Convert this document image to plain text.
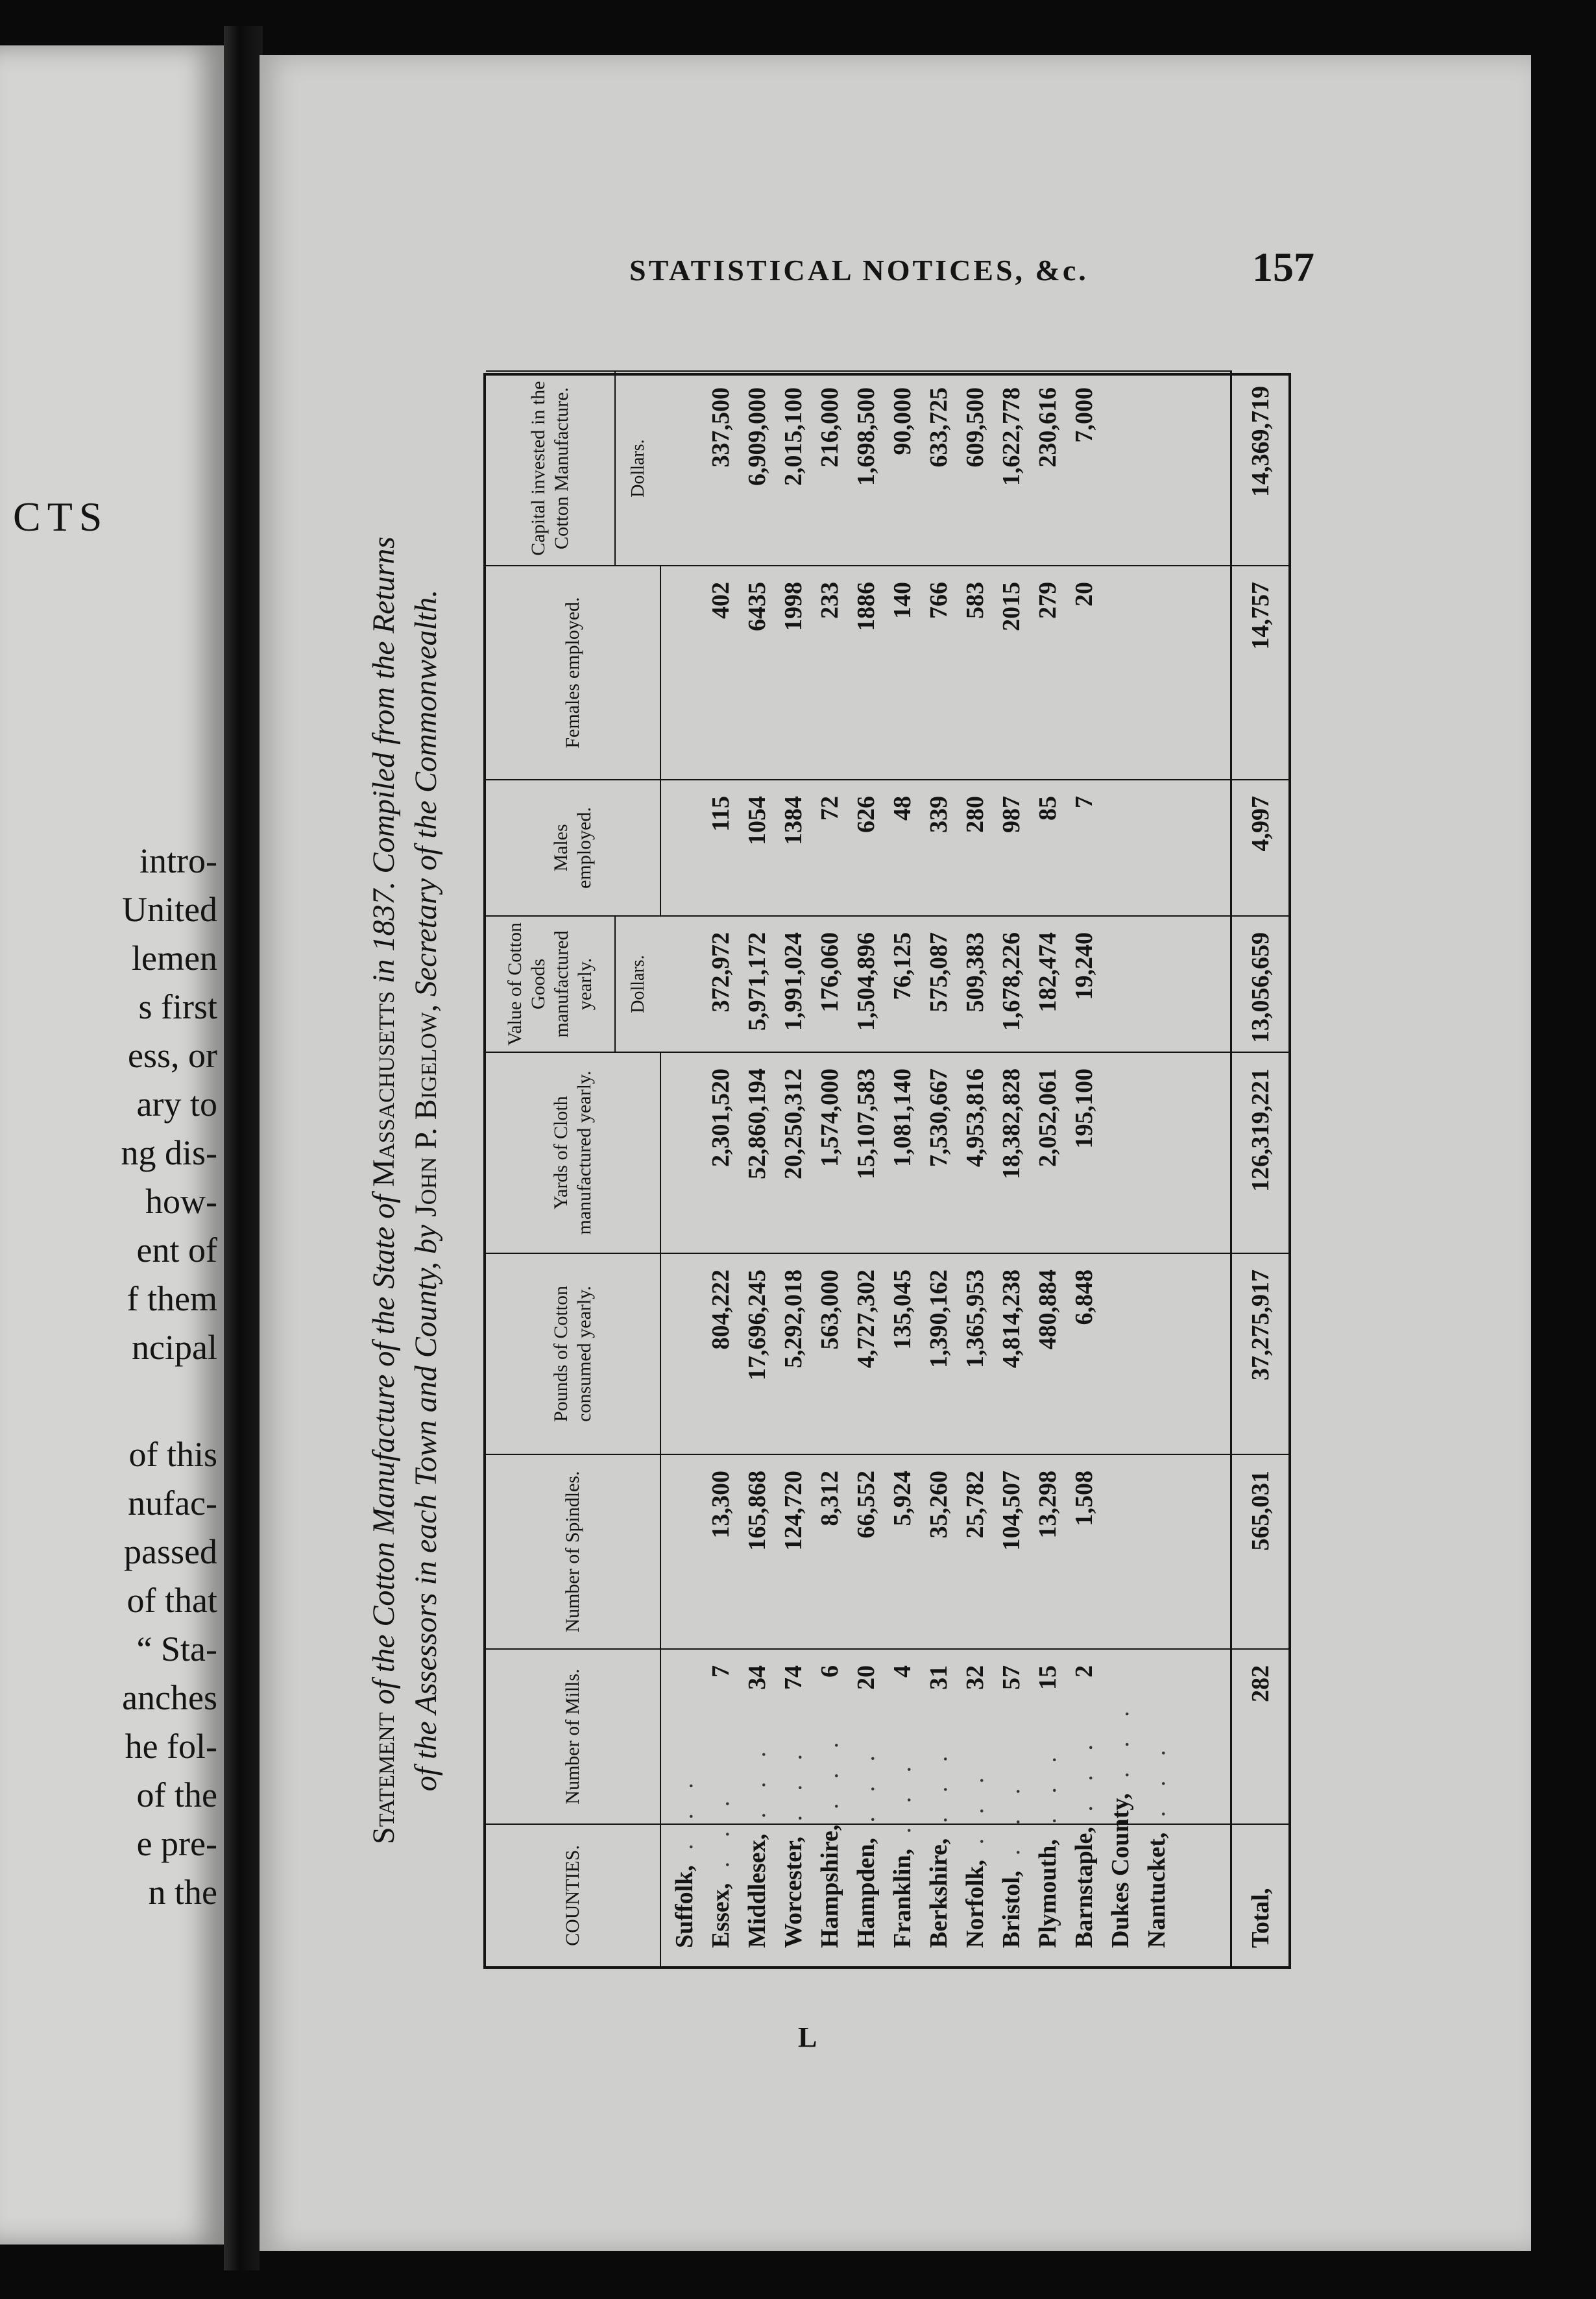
CTS
intro-
United
lemen
s first
ess, or
ary to
ng dis-
how-
ent of
f them
ncipal
of this
nufac-
passed
of that
“ Sta-
anches
he fol-
of the
e pre-
n the
STATISTICAL NOTICES, &c.	157
L
Statement of the Cotton Manufacture of the State of Massachusetts in 1837. Compiled from the Returns
of the Assessors in each Town and County, by John P. Bigelow, Secretary of the Commonwealth.
COUNTIES.
Number of Mills.
Number of Spindles.
Pounds of Cotton consumed yearly.
Yards of Cloth manufactured yearly.
Value of Cotton Goods manufactured yearly.
Males employed.
Females employed.
Capital invested in the Cotton Manufacture.
Dollars.
Dollars.
Suffolk, . . .
Essex, . . . Middlesex, . . .
Worcester, . . .
Hampshire, . . .
Hampden, . . .
Franklin, . . .
Berkshire, . . .
Norfolk, . . .
Bristol, . . .
Plymouth, . . .
Barnstaple, . . .
Dukes County, . . .
Nantucket, . . .
7 34 74 6 20 4 31 32 57 15 2
13,300 165,868 124,720 8,312 66,552 5,924 35,260 25,782 104,507 13,298 1,508
804,222 17,696,245 5,292,018 563,000 4,727,302 135,045 1,390,162 1,365,953 4,814,238 480,884 6,848
2,301,520 52,860,194 20,250,312 1,574,000 15,107,583 1,081,140 7,530,667 4,953,816 18,382,828 2,052,061 195,100
372,972 5,971,172 1,991,024 176,060 1,504,896 76,125 575,087 509,383 1,678,226 182,474 19,240
115 1054 1384 72 626 48 339 280 987 85 7
402 6435 1998 233 1886 140 766 583 2015 279 20
337,500 6,909,000 2,015,100 216,000 1,698,500 90,000 633,725 609,500 1,622,778 230,616 7,000
Total,
282
565,031
37,275,917
126,319,221
13,056,659
4,997
14,757
14,369,719
